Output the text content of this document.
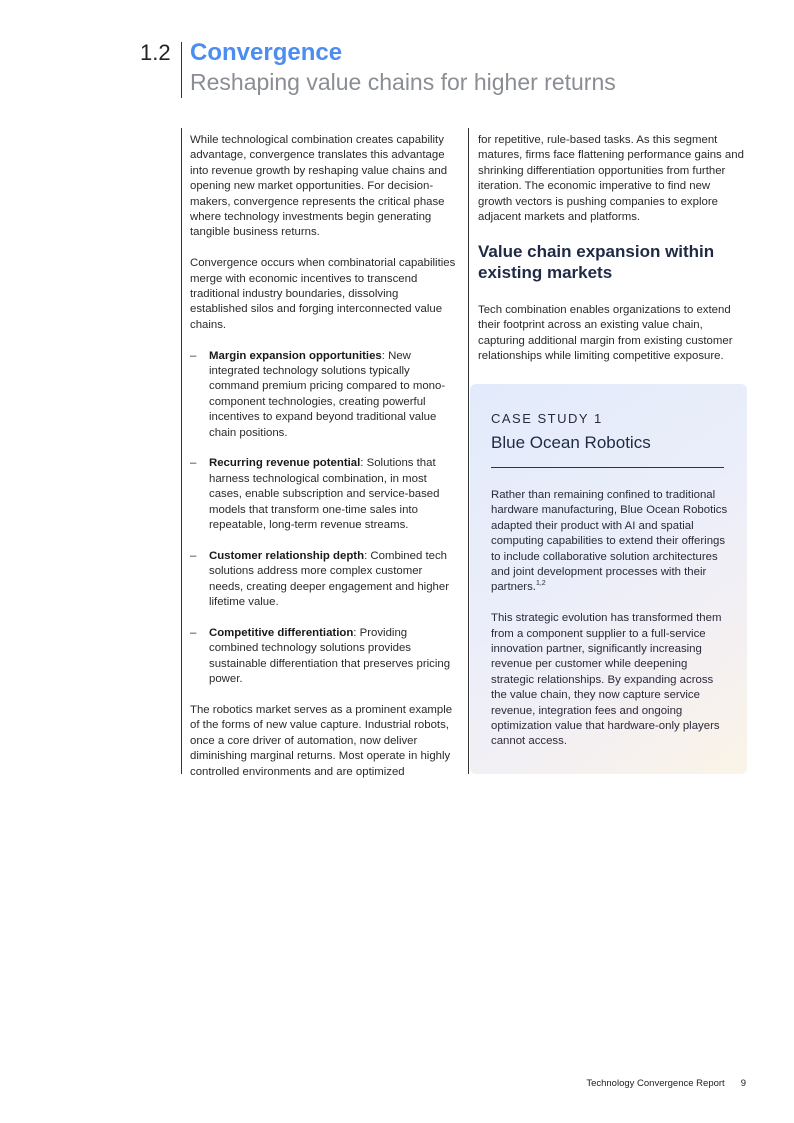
1.2 Convergence
Reshaping value chains for higher returns

While technological combination creates capability advantage, convergence translates this advantage into revenue growth by reshaping value chains and opening new market opportunities. For decision-makers, convergence represents the critical phase where technology investments begin generating tangible business returns.

Convergence occurs when combinatorial capabilities merge with economic incentives to transcend traditional industry boundaries, dissolving established silos and forging interconnected value chains.

– Margin expansion opportunities: New integrated technology solutions typically command premium pricing compared to mono-component technologies, creating powerful incentives to expand beyond traditional value chain positions.
– Recurring revenue potential: Solutions that harness technological combination, in most cases, enable subscription and service-based models that transform one-time sales into repeatable, long-term revenue streams.
– Customer relationship depth: Combined tech solutions address more complex customer needs, creating deeper engagement and higher lifetime value.
– Competitive differentiation: Providing combined technology solutions provides sustainable differentiation that preserves pricing power.

The robotics market serves as a prominent example of the forms of new value capture. Industrial robots, once a core driver of automation, now deliver diminishing marginal returns. Most operate in highly controlled environments and are optimized

for repetitive, rule-based tasks. As this segment matures, firms face flattening performance gains and shrinking differentiation opportunities from further iteration. The economic imperative to find new growth vectors is pushing companies to explore adjacent markets and platforms.

Value chain expansion within existing markets

Tech combination enables organizations to extend their footprint across an existing value chain, capturing additional margin from existing customer relationships while limiting competitive exposure.

CASE STUDY 1
Blue Ocean Robotics

Rather than remaining confined to traditional hardware manufacturing, Blue Ocean Robotics adapted their product with AI and spatial computing capabilities to extend their offerings to include collaborative solution architectures and joint development processes with their partners.$^{1,2}$

This strategic evolution has transformed them from a component supplier to a full-service innovation partner, significantly increasing revenue per customer while deepening strategic relationships. By expanding across the value chain, they now capture service revenue, integration fees and ongoing optimization value that hardware-only players cannot access.

Technology Convergence Report 9
